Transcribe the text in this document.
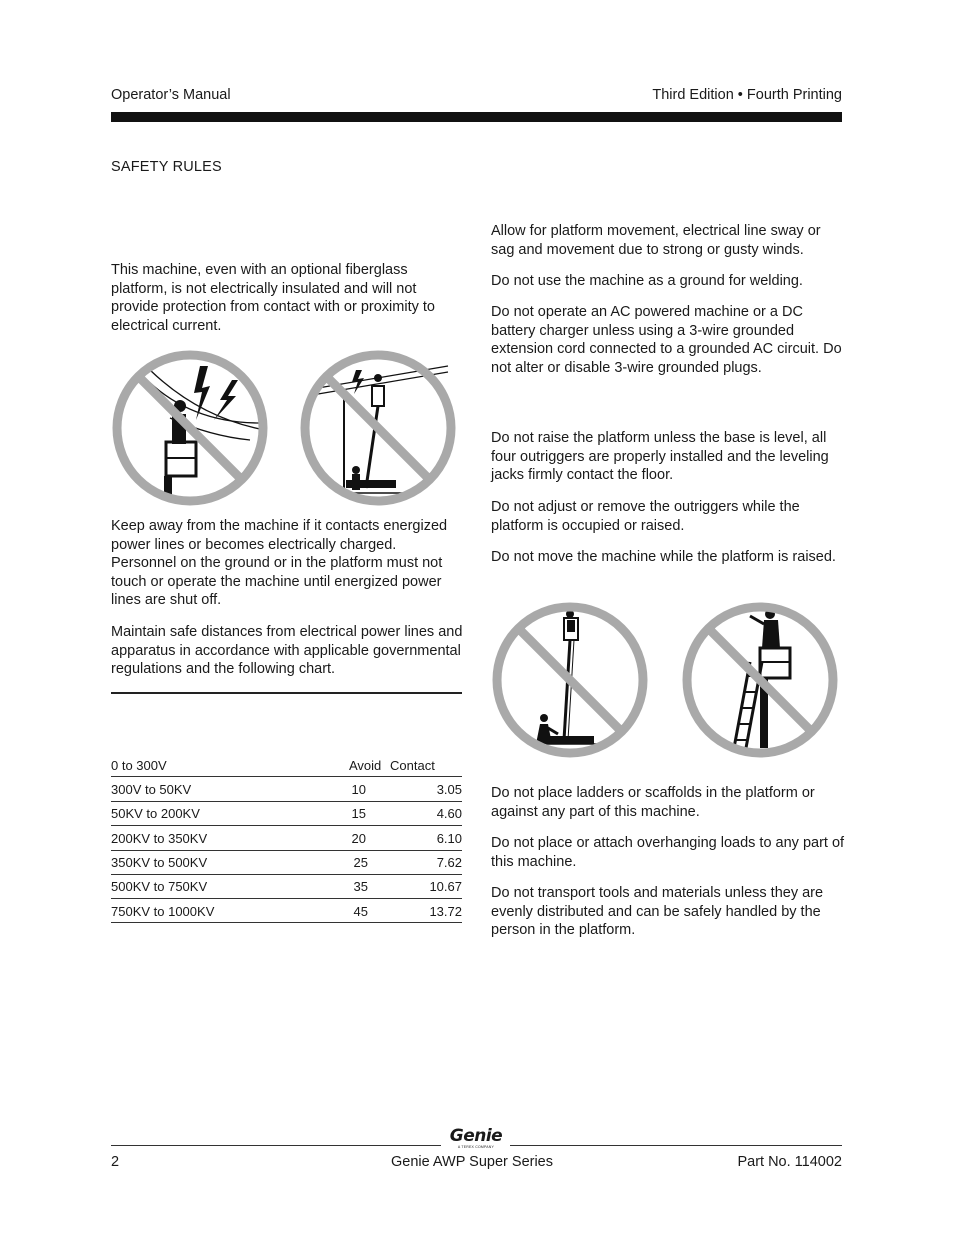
Operator’s Manual	Third Edition • Fourth Printing
SAFETY RULES

This machine, even with an optional fiberglass platform, is not electrically insulated and will not provide protection from contact with or proximity to electrical current.

Keep away from the machine if it contacts energized power lines or becomes electrically charged. Personnel on the ground or in the platform must not touch or operate the machine until energized power lines are shut off.

Maintain safe distances from electrical power lines and apparatus in accordance with applicable governmental regulations and the following chart.

0 to 300V	Avoid Contact
300V to 50KV	10	3.05
50KV to 200KV	15	4.60
200KV to 350KV	20	6.10
350KV to 500KV	25	7.62
500KV to 750KV	35	10.67
750KV to 1000KV	45	13.72

Allow for platform movement, electrical line sway or sag and movement due to strong or gusty winds.

Do not use the machine as a ground for welding.

Do not operate an AC powered machine or a DC battery charger unless using a 3-wire grounded extension cord connected to a grounded AC circuit. Do not alter or disable 3-wire grounded plugs.

Do not raise the platform unless the base is level, all four outriggers are properly installed and the leveling jacks firmly contact the floor.

Do not adjust or remove the outriggers while the platform is occupied or raised.

Do not move the machine while the platform is raised.

Do not place ladders or scaffolds in the platform or against any part of this machine.

Do not place or attach overhanging loads to any part of this machine.

Do not transport tools and materials unless they are evenly distributed and can be safely handled by the person in the platform.

Genie
A TEREX COMPANY
2	Genie AWP Super Series	Part No. 114002
